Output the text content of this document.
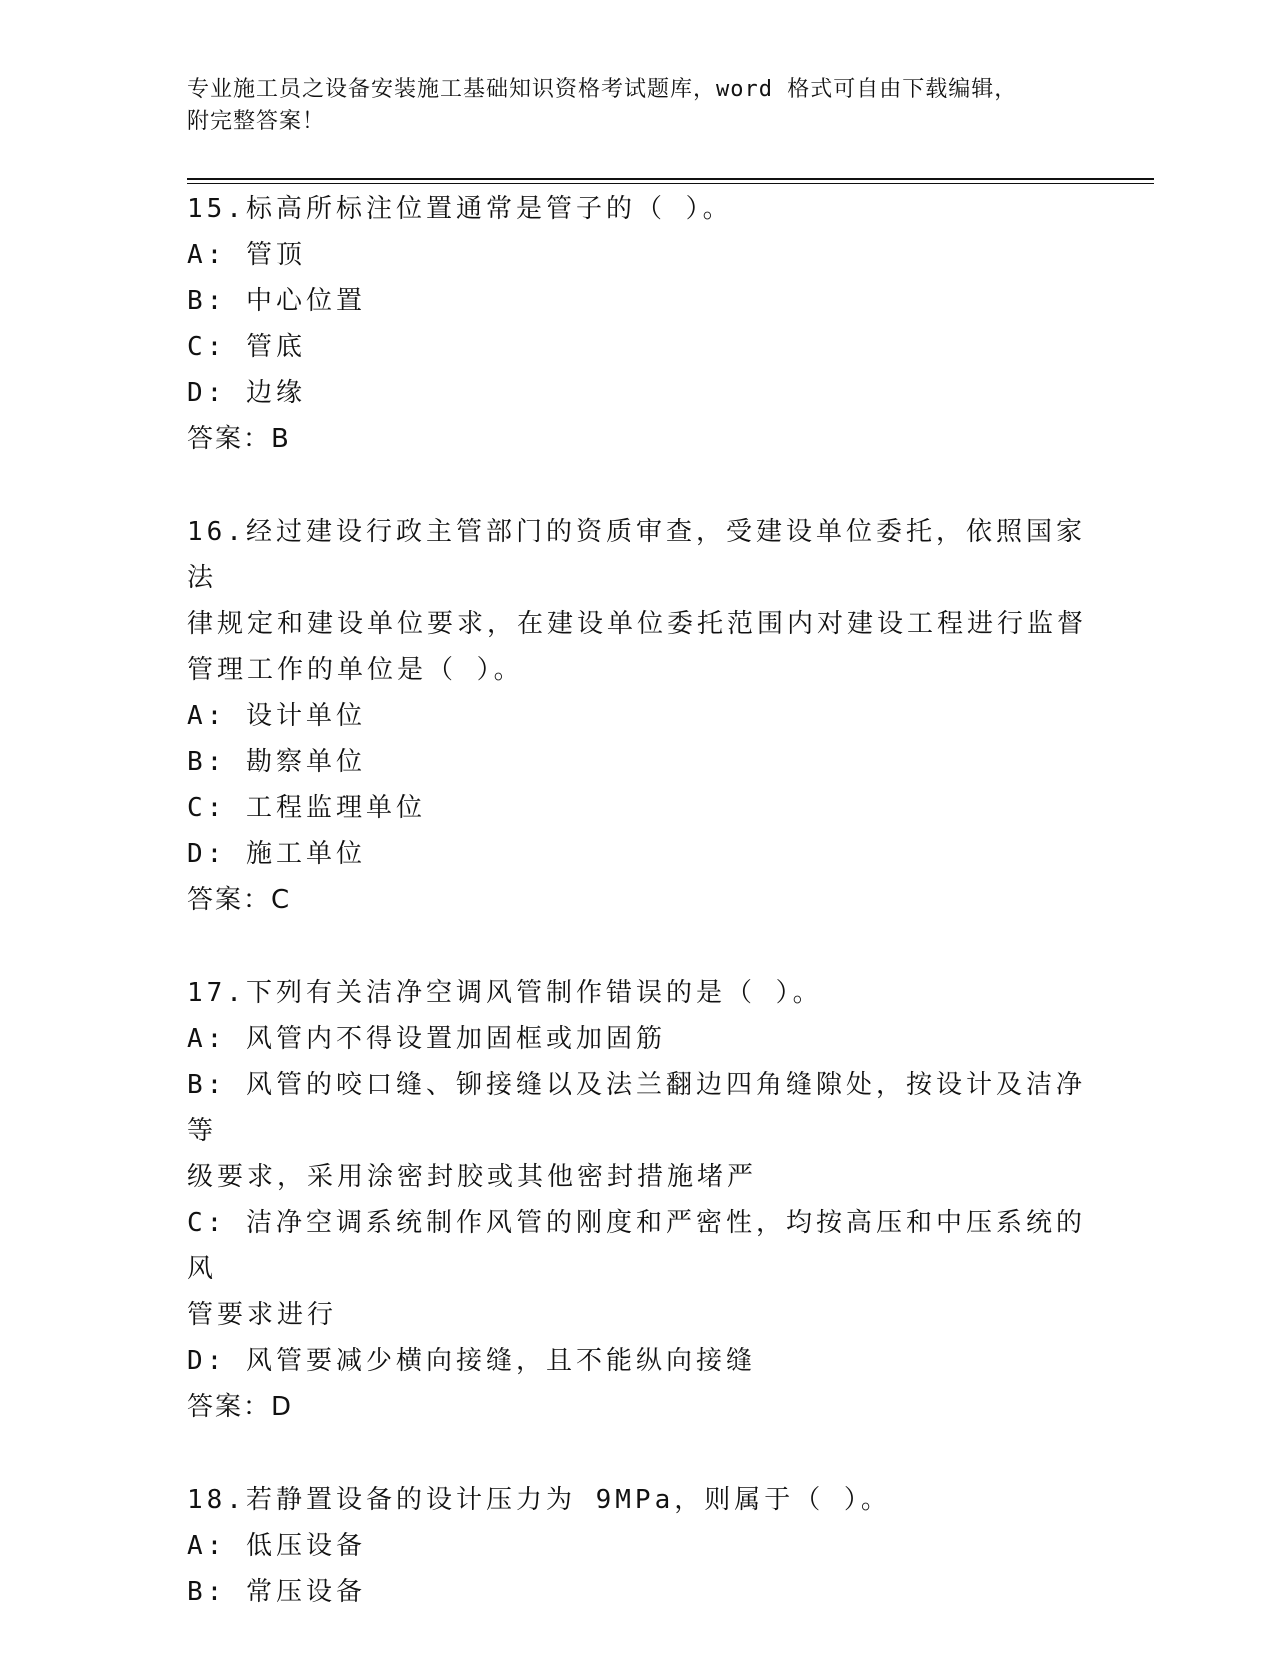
专业施工员之设备安装施工基础知识资格考试题库，word 格式可自由下载编辑，
附完整答案！
15.标高所标注位置通常是管子的（ ）。
A: 管顶
B: 中心位置
C: 管底
D: 边缘
答案：B
16.经过建设行政主管部门的资质审查，受建设单位委托，依照国家法
律规定和建设单位要求，在建设单位委托范围内对建设工程进行监督
管理工作的单位是（ ）。
A: 设计单位
B: 勘察单位
C: 工程监理单位
D: 施工单位
答案：C
17.下列有关洁净空调风管制作错误的是（ ）。
A: 风管内不得设置加固框或加固筋
B: 风管的咬口缝、铆接缝以及法兰翻边四角缝隙处，按设计及洁净等
级要求，采用涂密封胶或其他密封措施堵严
C: 洁净空调系统制作风管的刚度和严密性，均按高压和中压系统的风
管要求进行
D: 风管要减少横向接缝，且不能纵向接缝
答案：D
18.若静置设备的设计压力为 9MPa，则属于（ ）。
A: 低压设备
B: 常压设备
